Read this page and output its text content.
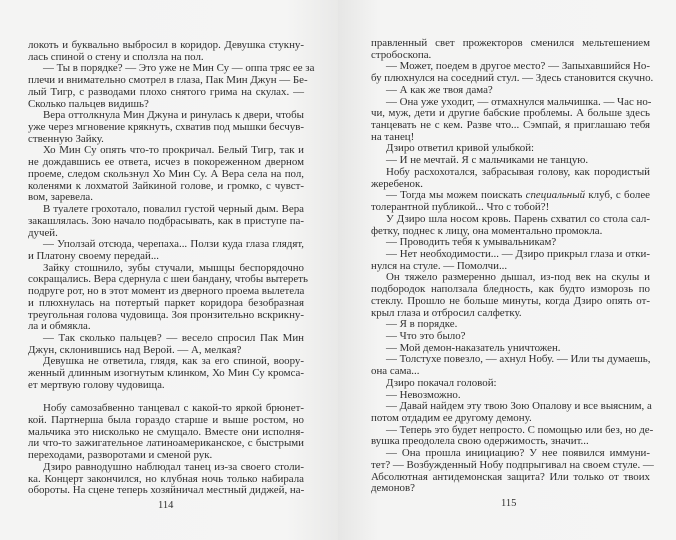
локоть и буквально выбросил в коридор. Девушка стукну-
лась спиной о стену и сползла на пол.
— Ты в порядке? — Это уже не Мин Су — оппа тряс ее за
плечи и внимательно смотрел в глаза, Пак Мин Джун — Бе-
лый Тигр, с разводами плохо снятого грима на скулах. —
Сколько пальцев видишь?
Вера оттолкнула Мин Джуна и ринулась к двери, чтобы
уже через мгновение крякнуть, схватив под мышки бесчув-
ственную Зайку.
Хо Мин Су опять что-то прокричал. Белый Тигр, так и
не дождавшись ее ответа, исчез в покореженном дверном
проеме, следом скользнул Хо Мин Су. А Вера села на пол,
коленями к лохматой Зайкиной голове, и громко, с чувст-
вом, заревела.
В туалете грохотало, повалил густой черный дым. Вера
закашлялась. Зою начало подбрасывать, как в приступе па-
дучей.
— Уползай отсюда, черепаха... Ползи куда глаза глядят,
и Платону своему передай...
Зайку стошнило, зубы стучали, мышцы беспорядочно
сокращались. Вера сдернула с шеи бандану, чтобы вытереть
подруге рот, но в этот момент из дверного проема вылетела
и плюхнулась на потертый паркет коридора безобразная
треугольная голова чудовища. Зоя пронзительно вскрикну-
ла и обмякла.
— Так сколько пальцев? — весело спросил Пак Мин
Джун, склонившись над Верой. — А, мелкая?
Девушка не ответила, глядя, как за его спиной, воору-
женный длинным изогнутым клинком, Хо Мин Су кромса-
ет мертвую голову чудовища.
Нобу самозабвенно танцевал с какой-то яркой брюнет-
кой. Партнерша была гораздо старше и выше ростом, но
мальчика это нисколько не смущало. Вместе они исполня-
ли что-то зажигательное латиноамериканское, с быстрыми
переходами, разворотами и сменой рук.
Дзиро равнодушно наблюдал танец из-за своего столи-
ка. Концерт закончился, но клубная ночь только набирала
обороты. На сцене теперь хозяйничал местный диджей, на-
114
правленный свет прожекторов сменился мельтешением
стробоскопа.
— Может, поедем в другое место? — Запыхавшийся Но-
бу плюхнулся на соседний стул. — Здесь становится скучно.
— А как же твоя дама?
— Она уже уходит, — отмахнулся мальчишка. — Час но-
чи, муж, дети и другие бабские проблемы. А больше здесь
танцевать не с кем. Разве что... Сэмпай, я приглашаю тебя
на танец!
Дзиро ответил кривой улыбкой:
— И не мечтай. Я с мальчиками не танцую.
Нобу расхохотался, забрасывая голову, как породистый
жеребенок.
— Тогда мы можем поискать специальный клуб, с более
толерантной публикой... Что с тобой?!
У Дзиро шла носом кровь. Парень схватил со стола сал-
фетку, поднес к лицу, она моментально промокла.
— Проводить тебя к умывальникам?
— Нет необходимости... — Дзиро прикрыл глаза и отки-
нулся на стуле. — Помолчи...
Он тяжело размеренно дышал, из-под век на скулы и
подбородок наползала бледность, как будто изморозь по
стеклу. Прошло не больше минуты, когда Дзиро опять от-
крыл глаза и отбросил салфетку.
— Я в порядке.
— Что это было?
— Мой демон-наказатель уничтожен.
— Толстухе повезло, — ахнул Нобу. — Или ты думаешь,
она сама...
Дзиро покачал головой:
— Невозможно.
— Давай найдем эту твою Зою Опалову и все выясним, а
потом отдадим ее другому демону.
— Теперь это будет непросто. С помощью или без, но де-
вушка преодолела свою одержимость, значит...
— Она прошла инициацию? У нее появился иммуни-
тет? — Возбужденный Нобу подпрыгивал на своем стуле. —
Абсолютная антидемонская защита? Или только от твоих
демонов?
115
